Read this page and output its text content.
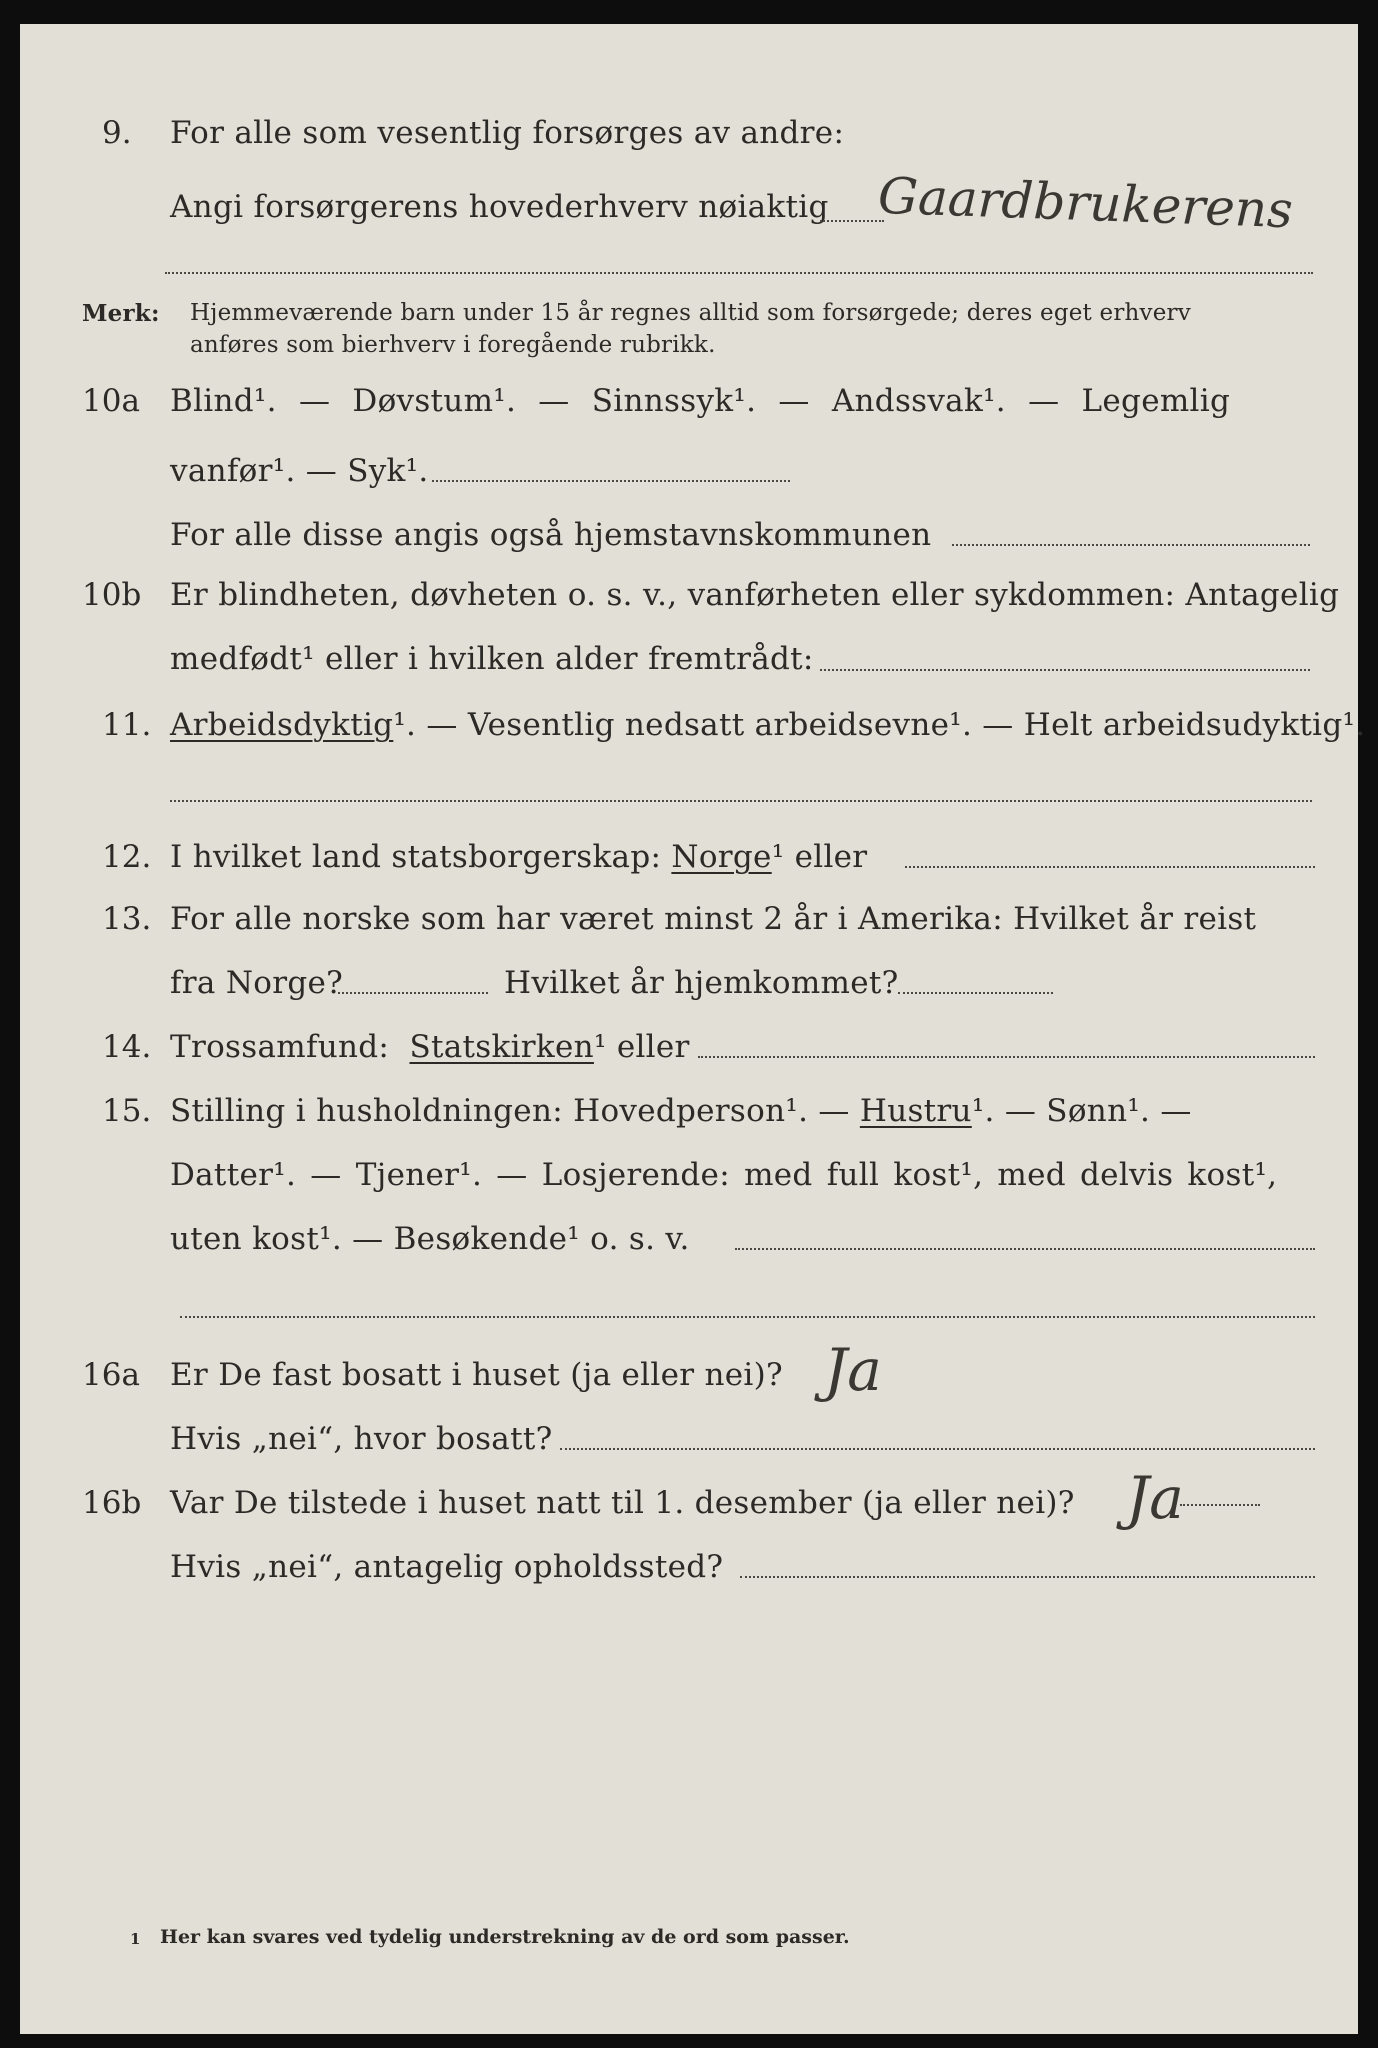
9. For alle som vesentlig forsørges av andre:
Angi forsørgerens hovederhverv nøiaktig Gaardbrukerens
Merk: Hjemmeværende barn under 15 år regnes alltid som forsørgede; deres eget erhverv
anføres som bierhverv i foregående rubrikk.
10a Blind¹. — Døvstum¹. — Sinnssyk¹. — Andssvak¹. — Legemlig
vanfør¹. — Syk¹.
For alle disse angis også hjemstavnskommunen
10b Er blindheten, døvheten o. s. v., vanførheten eller sykdommen: Antagelig
medfødt¹ eller i hvilken alder fremtrådt:
11. Arbeidsdyktig¹. — Vesentlig nedsatt arbeidsevne¹. — Helt arbeidsudyktig¹.
12. I hvilket land statsborgerskap: Norge¹ eller
13. For alle norske som har været minst 2 år i Amerika: Hvilket år reist
fra Norge?	Hvilket år hjemkommet?
14. Trossamfund: Statskirken¹ eller
15. Stilling i husholdningen: Hovedperson¹. — Hustru¹. — Sønn¹. —
Datter¹. — Tjener¹. — Losjerende: med full kost¹, med delvis kost¹,
uten kost¹. — Besøkende¹ o. s. v.
16a Er De fast bosatt i huset (ja eller nei)? Ja
Hvis „nei“, hvor bosatt?
16b Var De tilstede i huset natt til 1. desember (ja eller nei)? Ja
Hvis „nei“, antagelig opholdssted?
1 Her kan svares ved tydelig understrekning av de ord som passer.
